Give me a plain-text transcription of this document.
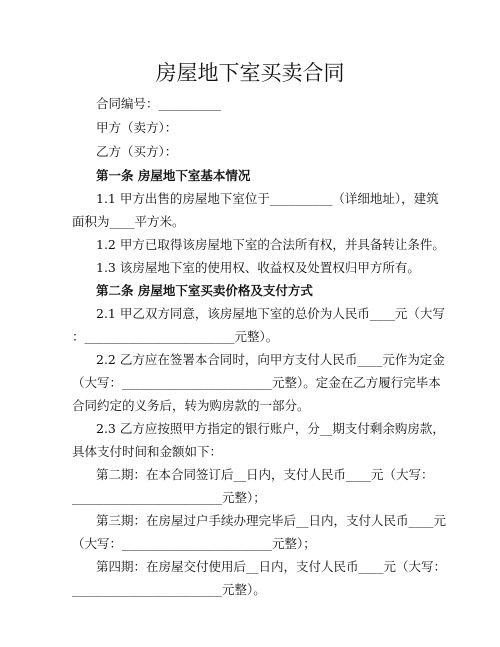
房屋地下室买卖合同
合同编号：__________
甲方（卖方）：
乙方（买方）：
第一条 房屋地下室基本情况
1.1 甲方出售的房屋地下室位于__________（详细地址），建筑
面积为____平方米。
1.2 甲方已取得该房屋地下室的合法所有权，并具备转让条件。
1.3 该房屋地下室的使用权、收益权及处置权归甲方所有。
第二条 房屋地下室买卖价格及支付方式
2.1 甲乙双方同意，该房屋地下室的总价为人民币____元（大写
：________________________元整）。
2.2 乙方应在签署本合同时，向甲方支付人民币____元作为定金
（大写：________________________元整）。定金在乙方履行完毕本
合同约定的义务后，转为购房款的一部分。
2.3 乙方应按照甲方指定的银行账户，分__期支付剩余购房款，
具体支付时间和金额如下：
第二期：在本合同签订后__日内，支付人民币____元（大写：
________________________元整）；
第三期：在房屋过户手续办理完毕后__日内，支付人民币____元
（大写：________________________元整）；
第四期：在房屋交付使用后__日内，支付人民币____元（大写：
________________________元整）。
